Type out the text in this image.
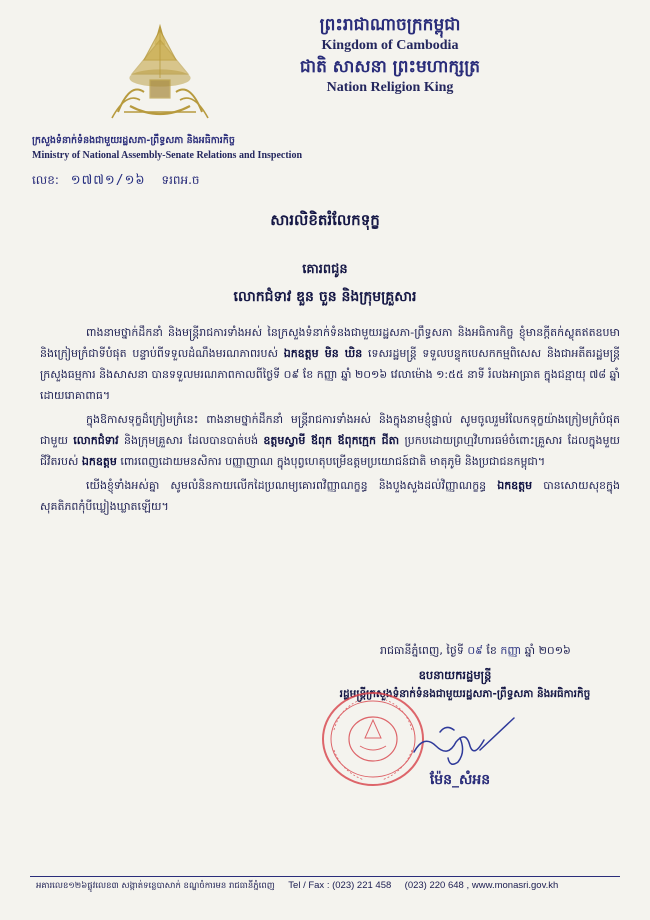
ព្រះរាជាណាចក្រកម្ពុជា
Kingdom of Cambodia
ជាតិ សាសនា ព្រះមហាក្សត្រ
Nation Religion King
ក្រសួងទំនាក់ទំនងជាមួយរដ្ឋសភា-ព្រឹទ្ធសភា និងអធិការកិច្ច
Ministry of National Assembly-Senate Relations and Inspection
លេខ: ១៧៧១/១៦ ទរពអ.ច
សារលិខិតរំលែកទុក្ខ
គោរពជូន
លោកជំទាវ ឌួន ចួន និងក្រុមគ្រួសារ

ពាងនាមថ្នាក់ដឹកនាំ និងមន្ត្រីរាជការទាំងអស់ នៃក្រសួងទំនាក់ទំនងជាមួយរដ្ឋសភា-ព្រឹទ្ធសភា និងអធិការកិច្ច ខ្ញុំមានក្តីតក់ស្លុតឥតឧបមា និងក្រៀមក្រំជាទីបំផុត បន្ទាប់ពីទទួលដំណឹងមរណភាពរបស់ ឯកឧត្តម មិន ឃិន ទេសរដ្ឋមន្ត្រី ទទួលបន្ទុកបេសកកម្មពិសេស និងជាអតីតរដ្ឋមន្ត្រីក្រសួងធម្មការ និងសាសនា បានទទួលមរណភាពកាលពីថ្ងៃទី ០៩ ខែ កញ្ញា ឆ្នាំ ២០១៦ វេលាម៉ោង ១:៥៥ នាទី រំលងអាធ្រាត ក្នុងជន្មាយុ ៧៨ ឆ្នាំ ដោយរោគាពាធ។

ក្នុងឱកាសទុក្ខដ៏ក្រៀមក្រំនេះ ពាងនាមថ្នាក់ដឹកនាំ មន្ត្រីរាជការទាំងអស់ និងក្នុងនាមខ្ញុំផ្ទាល់ សូមចូលរួមរំលែកទុក្ខយ៉ាងក្រៀមក្រំបំផុតជាមួយ លោកជំទាវ និងក្រុមគ្រួសារ ដែលបានបាត់បង់ ឧត្តមស្វាមី ឪពុក ឪពុកក្មេក ជីតា ប្រកបដោយព្រហ្មវិហារធម៌ចំពោះគ្រួសារ ដែលក្នុងមួយជីវិតរបស់ ឯកឧត្តម ពោរពេញដោយមនសិការ បញ្ញាញាណ ក្នុងបុព្វហេតុបម្រើឧត្តមប្រយោជន៍ជាតិ មាតុភូមិ និងប្រជាជនកម្ពុជា។

យើងខ្ញុំទាំងអស់គ្នា សូមលំនិនកាយលើកដៃប្រណម្យគោរពវិញ្ញាណក្ខន្ធ និងបួងសួងដល់វិញ្ញាណក្ខន្ធ ឯកឧត្តម បានសោយសុខក្នុងសុគតិភពកុំបីឃ្លៀងឃ្លាតឡើយ។

រាជធានីភ្នំពេញ, ថ្ងៃទី ០៩ ខែ កញ្ញា ឆ្នាំ ២០១៦
ឧបនាយករដ្ឋមន្ត្រី
រដ្ឋមន្ត្រីក្រសួងទំនាក់ទំនងជាមួយរដ្ឋសភា-ព្រឹទ្ធសភា និងអធិការកិច្ច
ម៉ែន_សំអន
អគារលេខ១២៦ផ្លូវលេខ៣ សង្កាត់ទន្លេបាសាក់ ខណ្ឌចំការមន រាជធានីភ្នំពេញ Tel / Fax : (023) 221 458 (023) 220 648 , www.monasri.gov.kh
